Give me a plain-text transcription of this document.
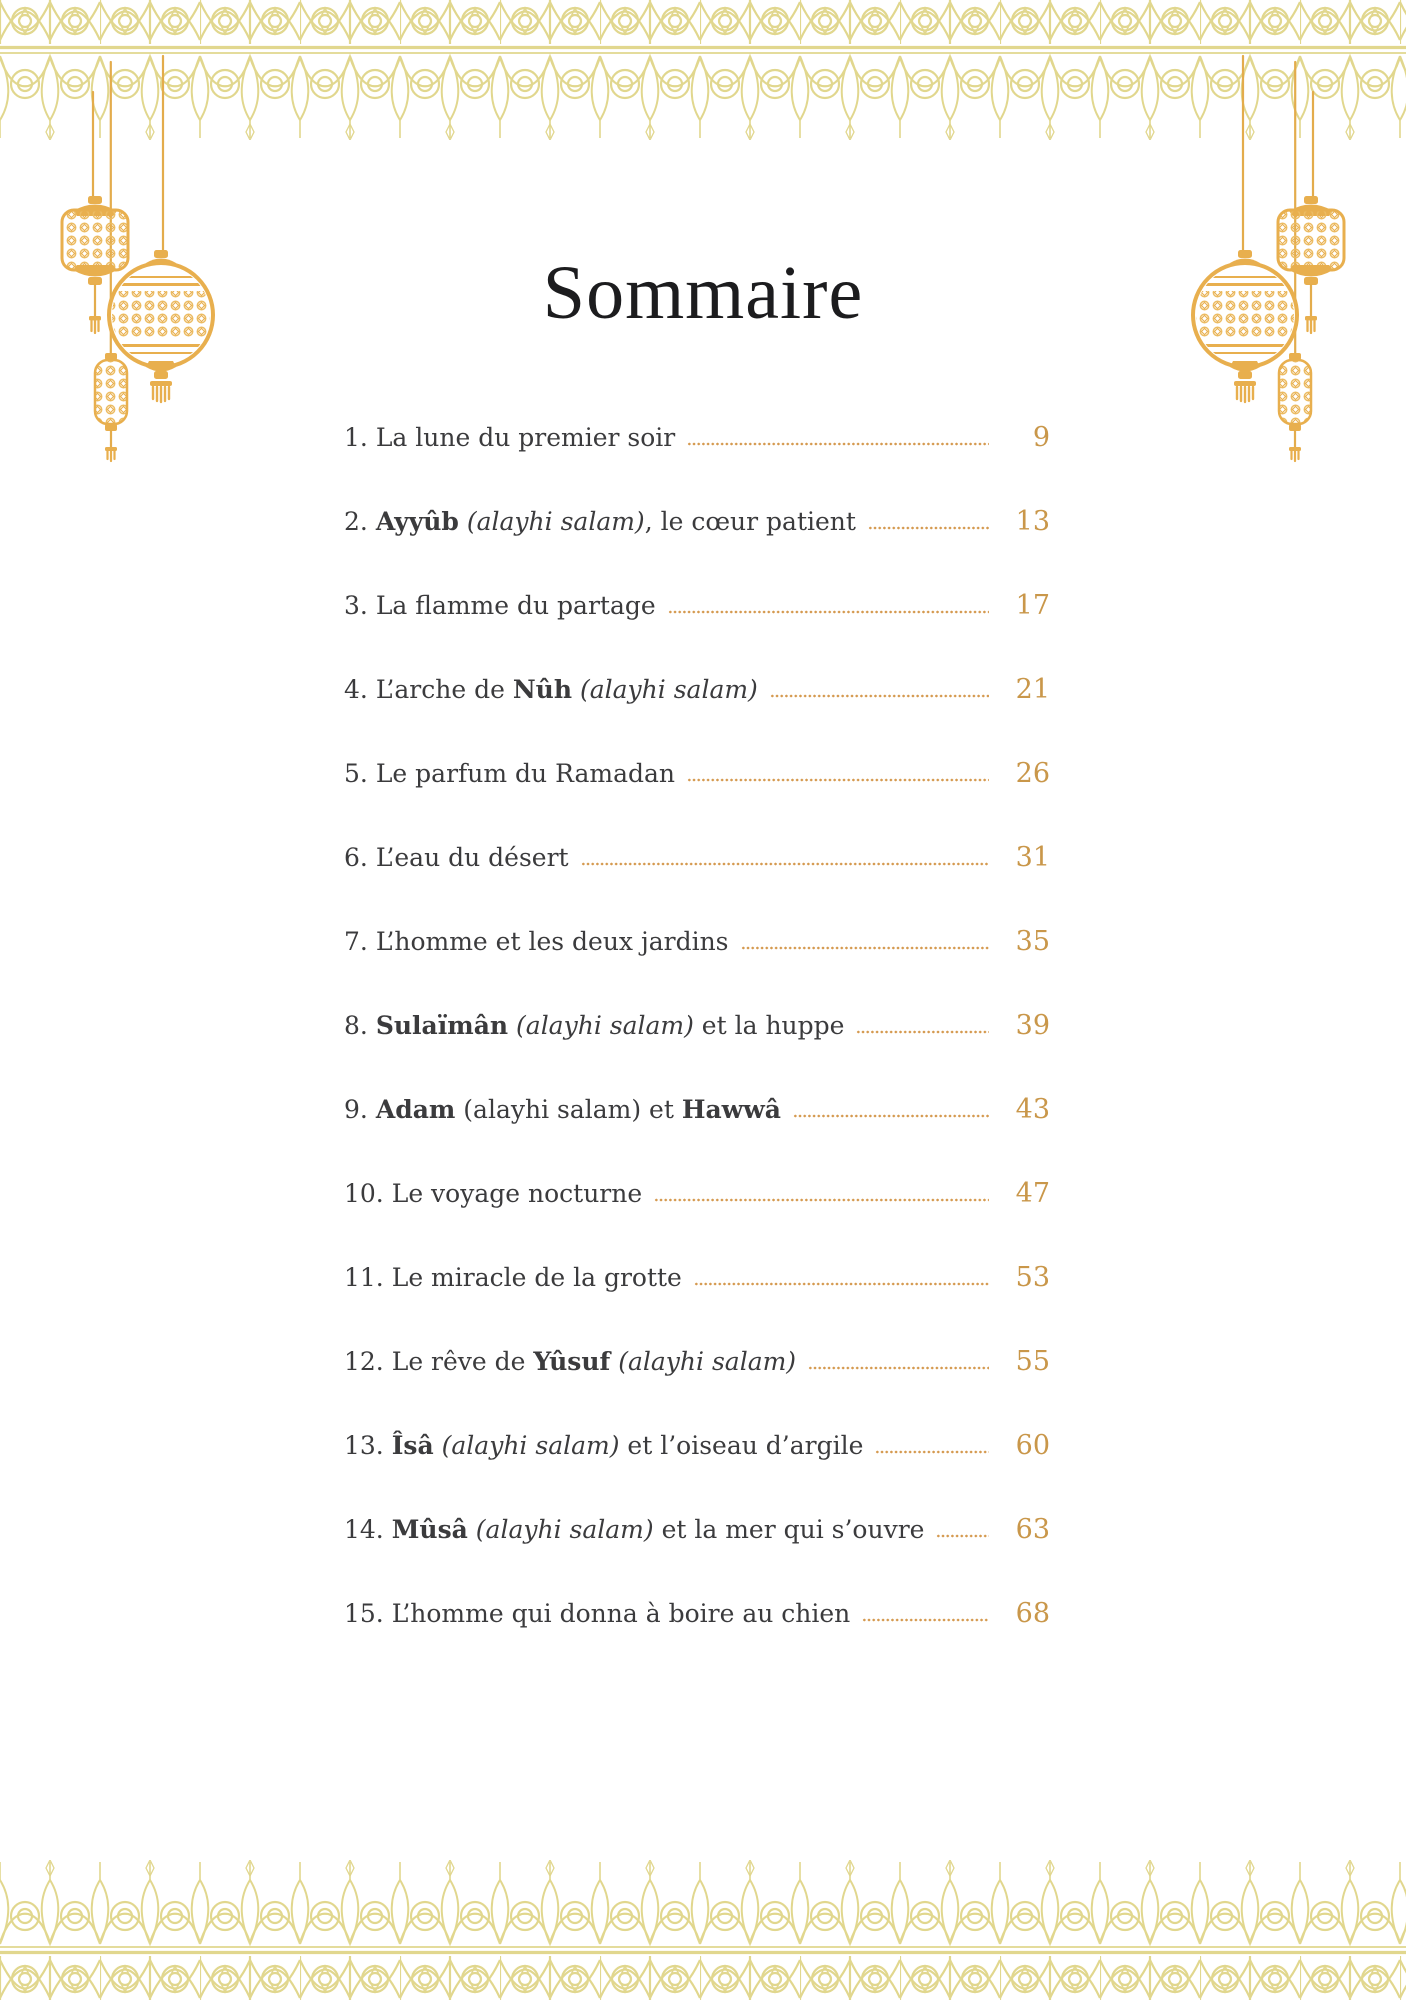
Sommaire
1. La lune du premier soir	9
2. Ayyûb (alayhi salam), le cœur patient	13
3. La flamme du partage	17
4. L’arche de Nûh (alayhi salam)	21
5. Le parfum du Ramadan	26
6. L’eau du désert	31
7. L’homme et les deux jardins	35
8. Sulaïmân (alayhi salam) et la huppe	39
9. Adam (alayhi salam) et Hawwâ	43
10. Le voyage nocturne	47
11. Le miracle de la grotte	53
12. Le rêve de Yûsuf (alayhi salam)	55
13. Îsâ (alayhi salam) et l’oiseau d’argile	60
14. Mûsâ (alayhi salam) et la mer qui s’ouvre	63
15. L’homme qui donna à boire au chien	68
